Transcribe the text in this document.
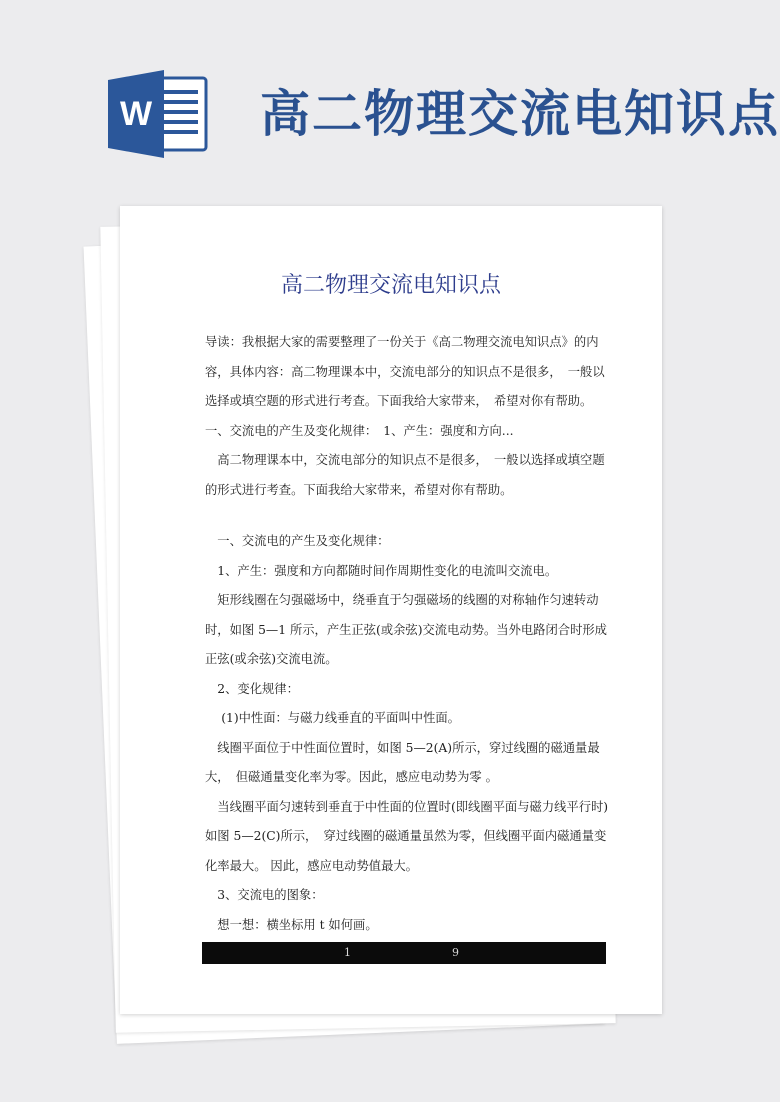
W 高二物理交流电知识点
高二物理交流电知识点

导读：我根据大家的需要整理了一份关于《高二物理交流电知识点》的内容，具体内容：高二物理课本中，交流电部分的知识点不是很多，　一般以选择或填空题的形式进行考查。下面我给大家带来，　希望对你有帮助。 一、交流电的产生及变化规律：　1、产生：强度和方向...

　高二物理课本中，交流电部分的知识点不是很多，　一般以选择或填空题的形式进行考查。下面我给大家带来，希望对你有帮助。

　一、交流电的产生及变化规律：

　1、产生：强度和方向都随时间作周期性变化的电流叫交流电。

　矩形线圈在匀强磁场中，绕垂直于匀强磁场的线圈的对称轴作匀速转动时，如图 5—1 所示，产生正弦(或余弦)交流电动势。当外电路闭合时形成正弦(或余弦)交流电流。

　2、变化规律：

　 (1)中性面：与磁力线垂直的平面叫中性面。

　线圈平面位于中性面位置时，如图 5—2(A)所示，穿过线圈的磁通量最大，　但磁通量变化率为零。因此，感应电动势为零 。

　当线圈平面匀速转到垂直于中性面的位置时(即线圈平面与磁力线平行时)如图 5—2(C)所示，　穿过线圈的磁通量虽然为零，但线圈平面内磁通量变化率最大。 因此，感应电动势值最大。

　3、交流电的图象：

　想一想：横坐标用 t 如何画。

1	9
